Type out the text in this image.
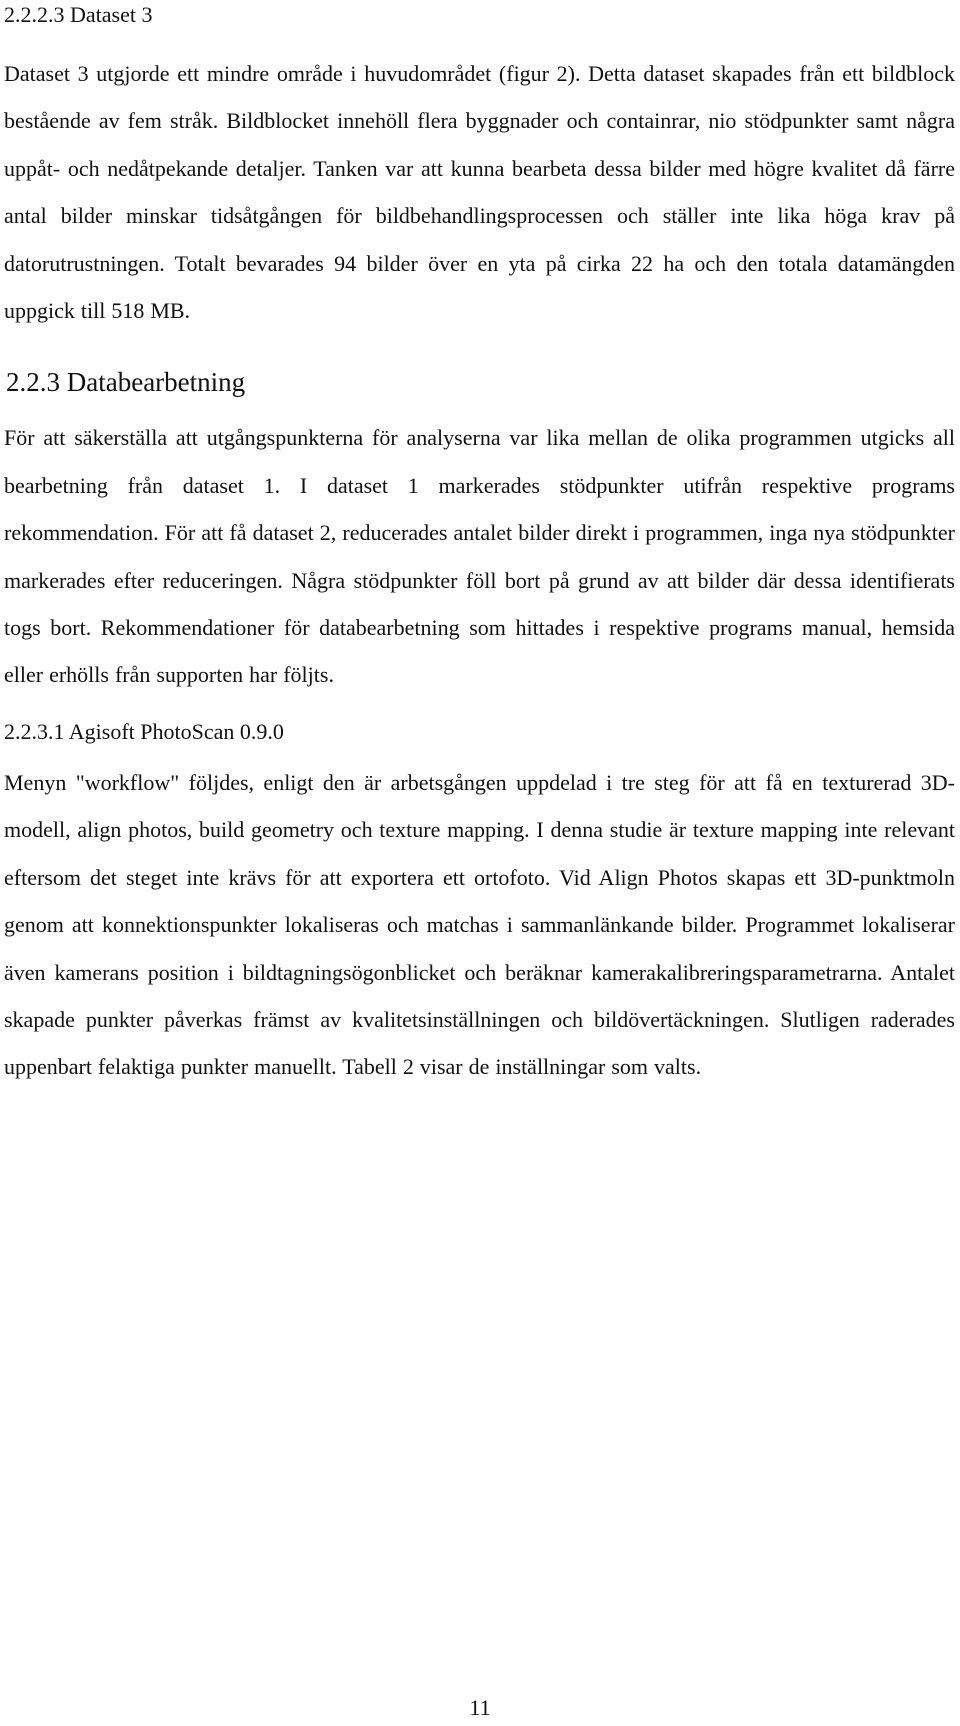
2.2.2.3 Dataset 3

Dataset 3 utgjorde ett mindre område i huvudområdet (figur 2). Detta dataset skapades från ett bildblock bestående av fem stråk. Bildblocket innehöll flera byggnader och containrar, nio stödpunkter samt några uppåt- och nedåtpekande detaljer. Tanken var att kunna bearbeta dessa bilder med högre kvalitet då färre antal bilder minskar tidsåtgången för bildbehandlingsprocessen och ställer inte lika höga krav på datorutrustningen. Totalt bevarades 94 bilder över en yta på cirka 22 ha och den totala datamängden uppgick till 518 MB.

2.2.3 Databearbetning

För att säkerställa att utgångspunkterna för analyserna var lika mellan de olika programmen utgicks all bearbetning från dataset 1. I dataset 1 markerades stödpunkter utifrån respektive programs rekommendation. För att få dataset 2, reducerades antalet bilder direkt i programmen, inga nya stödpunkter markerades efter reduceringen. Några stödpunkter föll bort på grund av att bilder där dessa identifierats togs bort. Rekommendationer för databearbetning som hittades i respektive programs manual, hemsida eller erhölls från supporten har följts.

2.2.3.1 Agisoft PhotoScan 0.9.0

Menyn "workflow" följdes, enligt den är arbetsgången uppdelad i tre steg för att få en texturerad 3D-modell, align photos, build geometry och texture mapping. I denna studie är texture mapping inte relevant eftersom det steget inte krävs för att exportera ett ortofoto. Vid Align Photos skapas ett 3D-punktmoln genom att konnektionspunkter lokaliseras och matchas i sammanlänkande bilder. Programmet lokaliserar även kamerans position i bildtagningsögonblicket och beräknar kamerakalibreringsparametrarna. Antalet skapade punkter påverkas främst av kvalitetsinställningen och bildövertäckningen. Slutligen raderades uppenbart felaktiga punkter manuellt. Tabell 2 visar de inställningar som valts.

11
